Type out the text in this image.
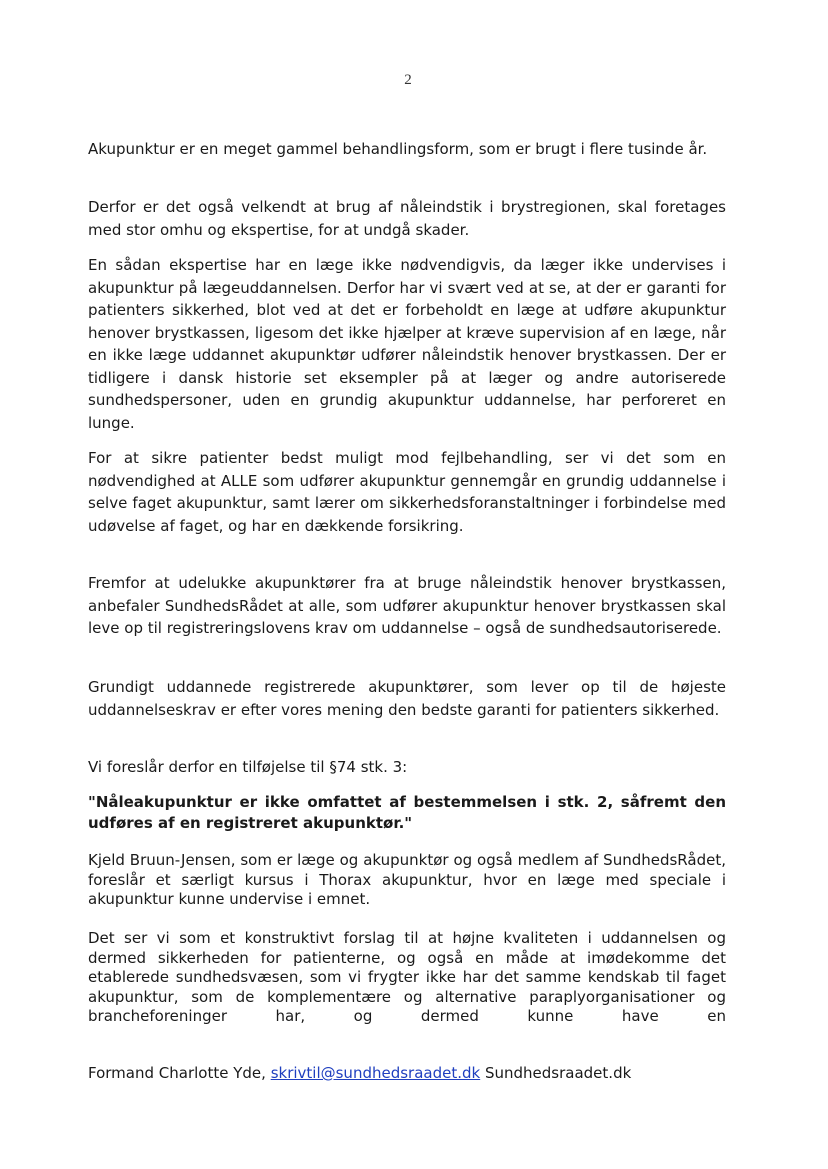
2

Akupunktur er en meget gammel behandlingsform, som er brugt i flere tusinde år.

Derfor er det også velkendt at brug af nåleindstik i brystregionen, skal foretages med stor omhu og ekspertise, for at undgå skader.

En sådan ekspertise har en læge ikke nødvendigvis, da læger ikke undervises i akupunktur på lægeuddannelsen. Derfor har vi svært ved at se, at der er garanti for patienters sikkerhed, blot ved at det er forbeholdt en læge at udføre akupunktur henover brystkassen, ligesom det ikke hjælper at kræve supervision af en læge, når en ikke læge uddannet akupunktør udfører nåleindstik henover brystkassen. Der er tidligere i dansk historie set eksempler på at læger og andre autoriserede sundhedspersoner, uden en grundig akupunktur uddannelse, har perforeret en lunge.

For at sikre patienter bedst muligt mod fejlbehandling, ser vi det som en nødvendighed at ALLE som udfører akupunktur gennemgår en grundig uddannelse i selve faget akupunktur, samt lærer om sikkerhedsforanstaltninger i forbindelse med udøvelse af faget, og har en dækkende forsikring.

Fremfor at udelukke akupunktører fra at bruge nåleindstik henover brystkassen, anbefaler SundhedsRådet at alle, som udfører akupunktur henover brystkassen skal leve op til registreringslovens krav om uddannelse – også de sundhedsautoriserede.

Grundigt uddannede registrerede akupunktører, som lever op til de højeste uddannelseskrav er efter vores mening den bedste garanti for patienters sikkerhed.

Vi foreslår derfor en tilføjelse til §74 stk. 3:

"Nåleakupunktur er ikke omfattet af bestemmelsen i stk. 2, såfremt den udføres af en registreret akupunktør."

Kjeld Bruun-Jensen, som er læge og akupunktør og også medlem af SundhedsRådet, foreslår et særligt kursus i Thorax akupunktur, hvor en læge med speciale i akupunktur kunne undervise i emnet.

Det ser vi som et konstruktivt forslag til at højne kvaliteten i uddannelsen og dermed sikkerheden for patienterne, og også en måde at imødekomme det etablerede sundhedsvæsen, som vi frygter ikke har det samme kendskab til faget akupunktur, som de komplementære og alternative paraplyorganisationer og brancheforeninger har, og dermed kunne have en

Formand Charlotte Yde, skrivtil@sundhedsraadet.dk Sundhedsraadet.dk
